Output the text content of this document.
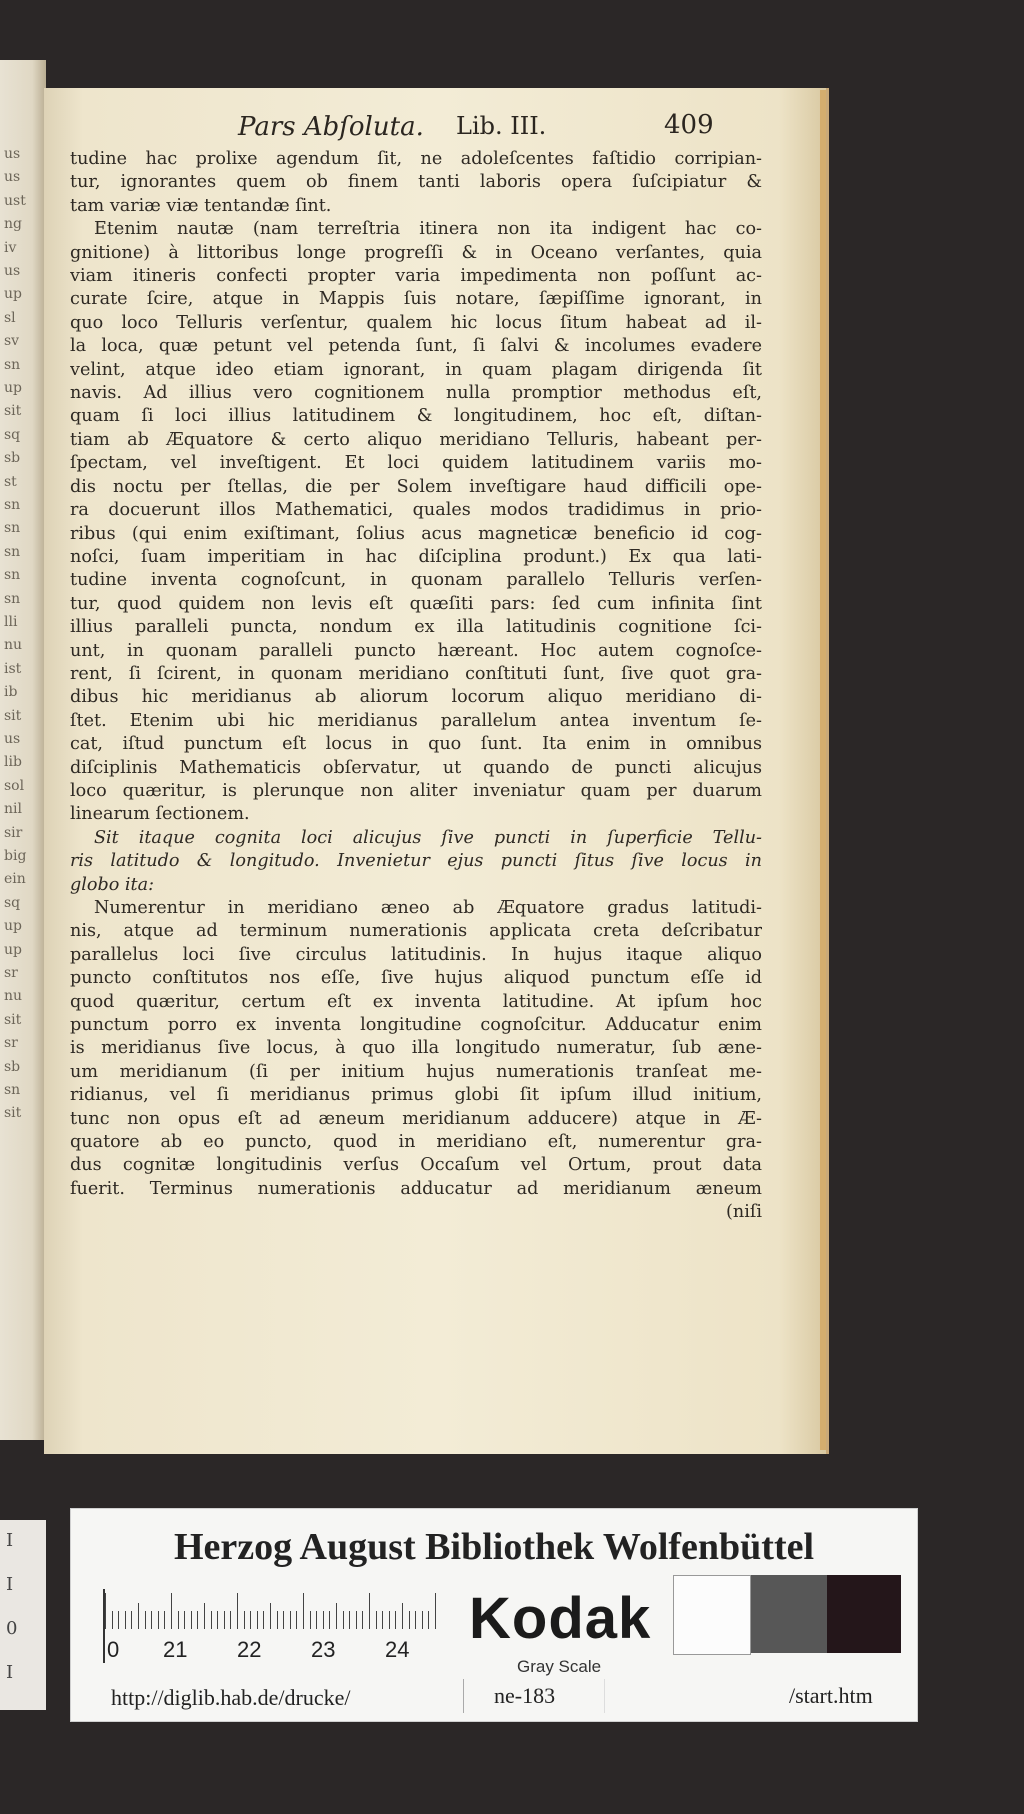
us
us
ust
ng
iv
us
up
sl
sv
sn
up
sit
sq
sb
st
sn
sn
sn
sn
sn
lli
nu
ist
ib
sit
us
lib
sol
nil
sir
big
ein
sq
up
up
sr
nu
sit
sr
sb
sn
sit
I
I
0
I
Pars Abſoluta. Lib. III.	409
tudine hac prolixe agendum ſit, ne adoleſcentes faſtidio corripian-
tur, ignorantes quem ob finem tanti laboris opera ſuſcipiatur &
tam variæ viæ tentandæ ſint.
Etenim nautæ (nam terreſtria itinera non ita indigent hac co-
gnitione) à littoribus longe progreſſi & in Oceano verſantes, quia
viam itineris confecti propter varia impedimenta non poſſunt ac-
curate ſcire, atque in Mappis ſuis notare, ſæpiſſime ignorant, in
quo loco Telluris verſentur, qualem hic locus ſitum habeat ad il-
la loca, quæ petunt vel petenda ſunt, ſi ſalvi & incolumes evadere
velint, atque ideo etiam ignorant, in quam plagam dirigenda ſit
navis. Ad illius vero cognitionem nulla promptior methodus eſt,
quam ſi loci illius latitudinem & longitudinem, hoc eſt, diſtan-
tiam ab Æquatore & certo aliquo meridiano Telluris, habeant per-
ſpectam, vel inveſtigent. Et loci quidem latitudinem variis mo-
dis noctu per ſtellas, die per Solem inveſtigare haud difficili ope-
ra docuerunt illos Mathematici, quales modos tradidimus in prio-
ribus (qui enim exiſtimant, ſolius acus magneticæ beneficio id cog-
noſci, ſuam imperitiam in hac diſciplina produnt.) Ex qua lati-
tudine inventa cognoſcunt, in quonam parallelo Telluris verſen-
tur, quod quidem non levis eſt quæſiti pars: ſed cum infinita ſint
illius paralleli puncta, nondum ex illa latitudinis cognitione ſci-
unt, in quonam paralleli puncto hæreant. Hoc autem cognoſce-
rent, ſi ſcirent, in quonam meridiano conſtituti ſunt, ſive quot gra-
dibus hic meridianus ab aliorum locorum aliquo meridiano di-
ſtet. Etenim ubi hic meridianus parallelum antea inventum ſe-
cat, iſtud punctum eſt locus in quo ſunt. Ita enim in omnibus
diſciplinis Mathematicis obſervatur, ut quando de puncti alicujus
loco quæritur, is plerunque non aliter inveniatur quam per duarum
linearum ſectionem.
Sit itaque cognita loci alicujus ſive puncti in ſuperficie Tellu-
ris latitudo & longitudo. Invenietur ejus puncti ſitus ſive locus in
globo ita:
Numerentur in meridiano æneo ab Æquatore gradus latitudi-
nis, atque ad terminum numerationis applicata creta deſcribatur
parallelus loci ſive circulus latitudinis. In hujus itaque aliquo
puncto conſtitutos nos eſſe, ſive hujus aliquod punctum eſſe id
quod quæritur, certum eſt ex inventa latitudine. At ipſum hoc
punctum porro ex inventa longitudine cognoſcitur. Adducatur enim
is meridianus ſive locus, à quo illa longitudo numeratur, ſub æne-
um meridianum (ſi per initium hujus numerationis tranſeat me-
ridianus, vel ſi meridianus primus globi ſit ipſum illud initium,
tunc non opus eſt ad æneum meridianum adducere) atque in Æ-
quatore ab eo puncto, quod in meridiano eſt, numerentur gra-
dus cognitæ longitudinis verſus Occaſum vel Ortum, prout data
fuerit. Terminus numerationis adducatur ad meridianum æneum
(niſi
Herzog August Bibliothek Wolfenbüttel
0 21 22 23 24 Kodak
Gray Scale
http://diglib.hab.de/drucke/	ne-183	/start.htm
